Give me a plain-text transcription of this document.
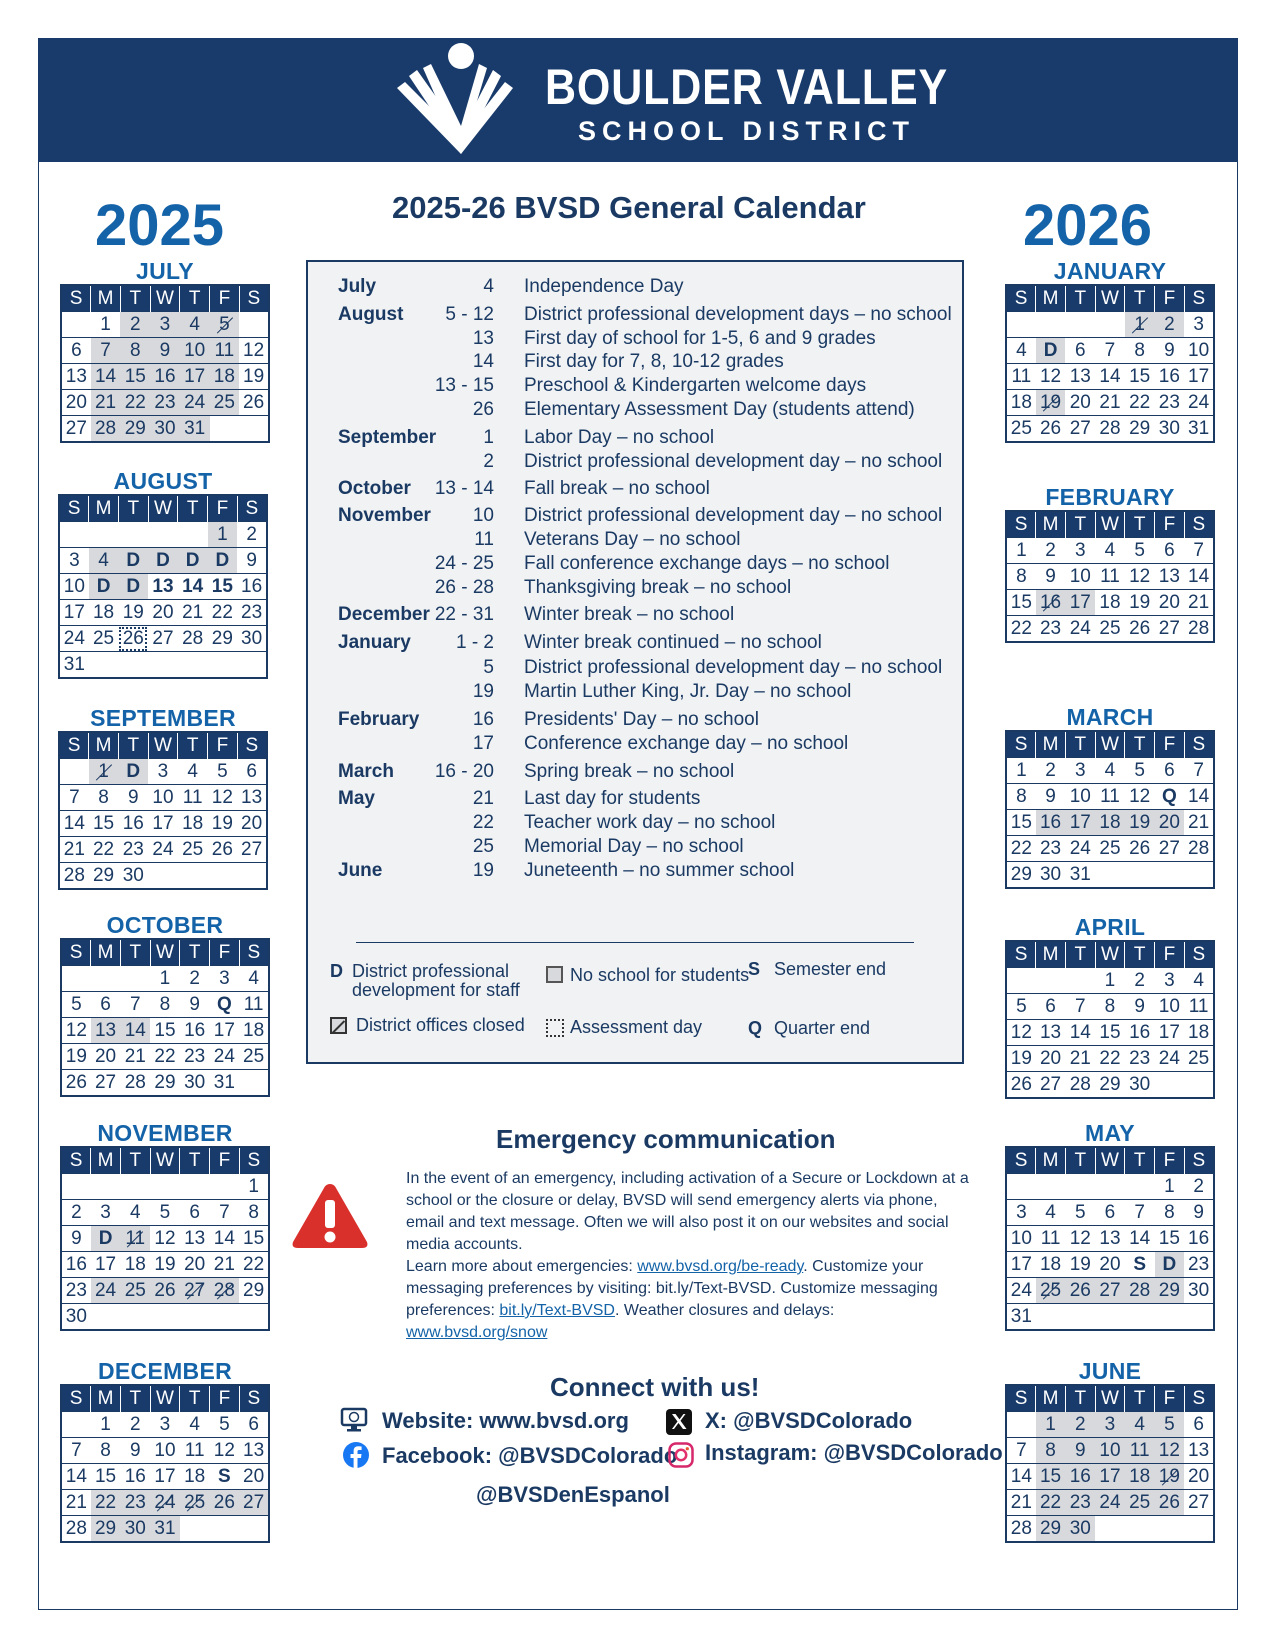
BOULDER VALLEY
SCHOOL DISTRICT
2025	2026
2025-26 BVSD General Calendar
JULY
S	M	T	W	T	F	S
	1	2	3	4	5	
6	7	8	9	10	11	12
13	14	15	16	17	18	19
20	21	22	23	24	25	26
27	28	29	30	31		
AUGUST
S	M	T	W	T	F	S
					1	2
3	4	D	D	D	D	9
10	D	D	13	14	15	16
17	18	19	20	21	22	23
24	25	26	27	28	29	30
31						
SEPTEMBER
S	M	T	W	T	F	S
	1	D	3	4	5	6
7	8	9	10	11	12	13
14	15	16	17	18	19	20
21	22	23	24	25	26	27
28	29	30				
OCTOBER
S	M	T	W	T	F	S
			1	2	3	4
5	6	7	8	9	Q	11
12	13	14	15	16	17	18
19	20	21	22	23	24	25
26	27	28	29	30	31	
NOVEMBER
S	M	T	W	T	F	S
						1
2	3	4	5	6	7	8
9	D	11	12	13	14	15
16	17	18	19	20	21	22
23	24	25	26	27	28	29
30						
DECEMBER
S	M	T	W	T	F	S
	1	2	3	4	5	6
7	8	9	10	11	12	13
14	15	16	17	18	S	20
21	22	23	24	25	26	27
28	29	30	31			
JANUARY
S	M	T	W	T	F	S
				1	2	3
4	D	6	7	8	9	10
11	12	13	14	15	16	17
18	19	20	21	22	23	24
25	26	27	28	29	30	31
FEBRUARY
S	M	T	W	T	F	S
1	2	3	4	5	6	7
8	9	10	11	12	13	14
15	16	17	18	19	20	21
22	23	24	25	26	27	28
MARCH
S	M	T	W	T	F	S
1	2	3	4	5	6	7
8	9	10	11	12	Q	14
15	16	17	18	19	20	21
22	23	24	25	26	27	28
29	30	31				
APRIL
S	M	T	W	T	F	S
			1	2	3	4
5	6	7	8	9	10	11
12	13	14	15	16	17	18
19	20	21	22	23	24	25
26	27	28	29	30		
MAY
S	M	T	W	T	F	S
					1	2
3	4	5	6	7	8	9
10	11	12	13	14	15	16
17	18	19	20	S	D	23
24	25	26	27	28	29	30
31						
JUNE
S	M	T	W	T	F	S
	1	2	3	4	5	6
7	8	9	10	11	12	13
14	15	16	17	18	19	20
21	22	23	24	25	26	27
28	29	30				
July	4 Independence Day
August 5 - 12 District professional development days – no school
13 First day of school for 1-5, 6 and 9 grades
14 First day for 7, 8, 10-12 grades
13 - 15 Preschool & Kindergarten welcome days
26 Elementary Assessment Day (students attend)
September 1 Labor Day – no school
2 District professional development day – no school
October 13 - 14 Fall break – no school
November 10 District professional development day – no school
11 Veterans Day – no school
24 - 25 Fall conference exchange days – no school
26 - 28 Thanksgiving break – no school
December 22 - 31 Winter break – no school
January 1 - 2 Winter break continued – no school
5 District professional development day – no school
19 Martin Luther King, Jr. Day – no school
February	16 Presidents' Day – no school
17 Conference exchange day – no school
March 16 - 20 Spring break – no school
May	21 Last day for students
22 Teacher work day – no school
25 Memorial Day – no school
June	19 Juneteenth – no summer school
D District professional
development for staff
No school for students
S Semester end
District offices closed	Assessment day	Q Quarter end
Emergency communication
In the event of an emergency, including activation of a Secure or Lockdown at a school or the closure or delay, BVSD will send emergency alerts via phone, email and text message. Often we will also post it on our websites and social media accounts.
Learn more about emergencies: www.bvsd.org/be-ready. Customize your messaging preferences by visiting: bit.ly/Text-BVSD. Customize messaging preferences: bit.ly/Text-BVSD. Weather closures and delays: www.bvsd.org/snow
Connect with us!
Website: www.bvsd.org
Facebook: @BVSDColorado
@BVSDenEspanol
X: @BVSDColorado
Instagram: @BVSDColorado
